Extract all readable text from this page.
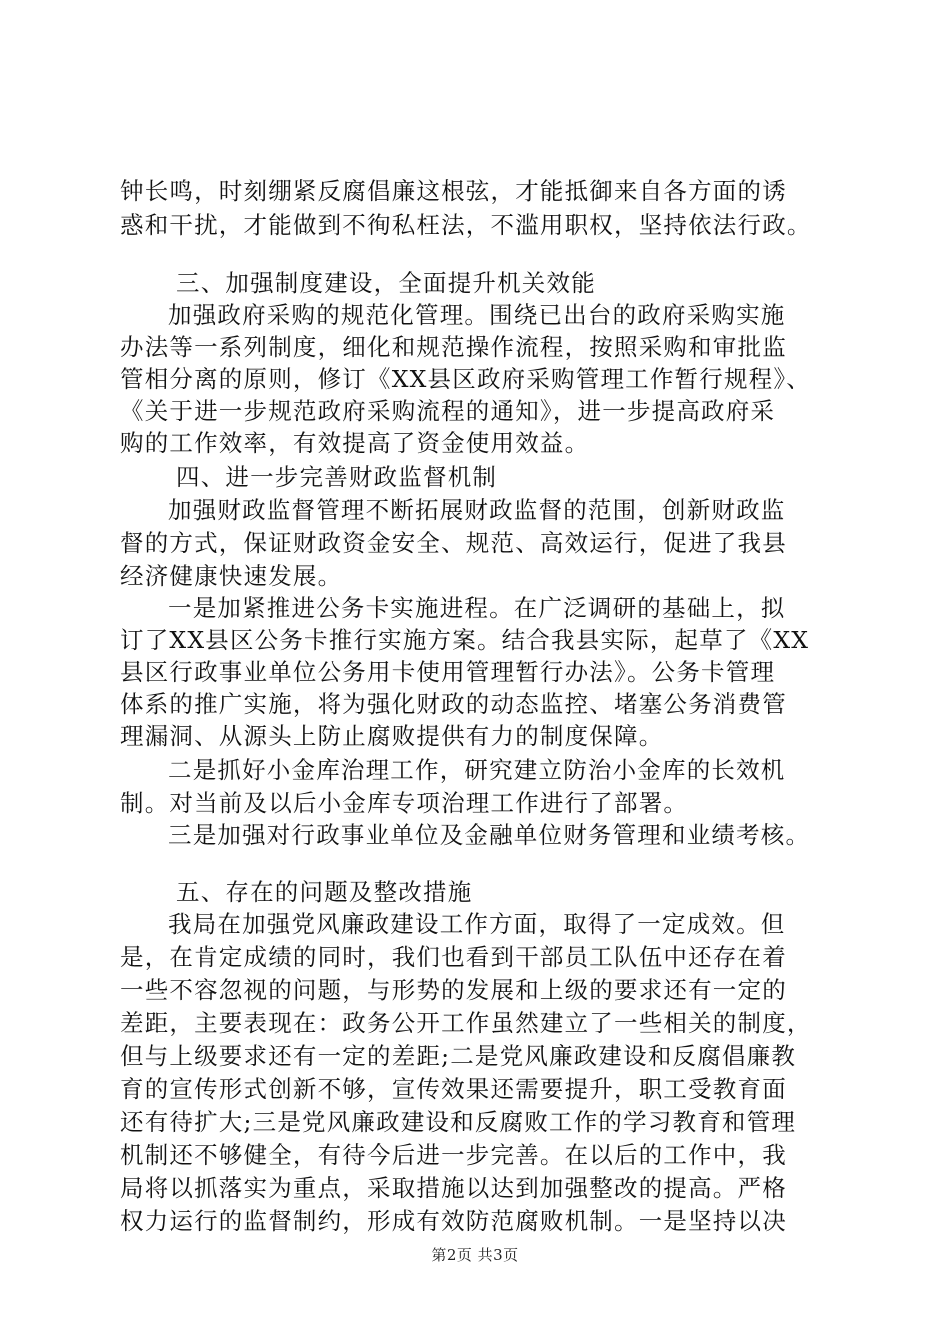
钟长鸣，时刻绷紧反腐倡廉这根弦，才能抵御来自各方面的诱
惑和干扰，才能做到不徇私枉法，不滥用职权，坚持依法行政。
三、加强制度建设，全面提升机关效能
加强政府采购的规范化管理。围绕已出台的政府采购实施
办法等一系列制度，细化和规范操作流程，按照采购和审批监
管相分离的原则，修订《XX县区政府采购管理工作暂行规程》、
《关于进一步规范政府采购流程的通知》，进一步提高政府采
购的工作效率，有效提高了资金使用效益。
四、进一步完善财政监督机制
加强财政监督管理不断拓展财政监督的范围，创新财政监
督的方式，保证财政资金安全、规范、高效运行，促进了我县
经济健康快速发展。
一是加紧推进公务卡实施进程。在广泛调研的基础上，拟
订了XX县区公务卡推行实施方案。结合我县实际，起草了《XX
县区行政事业单位公务用卡使用管理暂行办法》。公务卡管理
体系的推广实施，将为强化财政的动态监控、堵塞公务消费管
理漏洞、从源头上防止腐败提供有力的制度保障。
二是抓好小金库治理工作，研究建立防治小金库的长效机
制。对当前及以后小金库专项治理工作进行了部署。
三是加强对行政事业单位及金融单位财务管理和业绩考核。
五、存在的问题及整改措施
我局在加强党风廉政建设工作方面，取得了一定成效。但
是，在肯定成绩的同时，我们也看到干部员工队伍中还存在着
一些不容忽视的问题，与形势的发展和上级的要求还有一定的
差距，主要表现在：政务公开工作虽然建立了一些相关的制度，
但与上级要求还有一定的差距;二是党风廉政建设和反腐倡廉教
育的宣传形式创新不够，宣传效果还需要提升，职工受教育面
还有待扩大;三是党风廉政建设和反腐败工作的学习教育和管理
机制还不够健全，有待今后进一步完善。在以后的工作中，我
局将以抓落实为重点，采取措施以达到加强整改的提高。严格
权力运行的监督制约，形成有效防范腐败机制。一是坚持以决
第2页 共3页
